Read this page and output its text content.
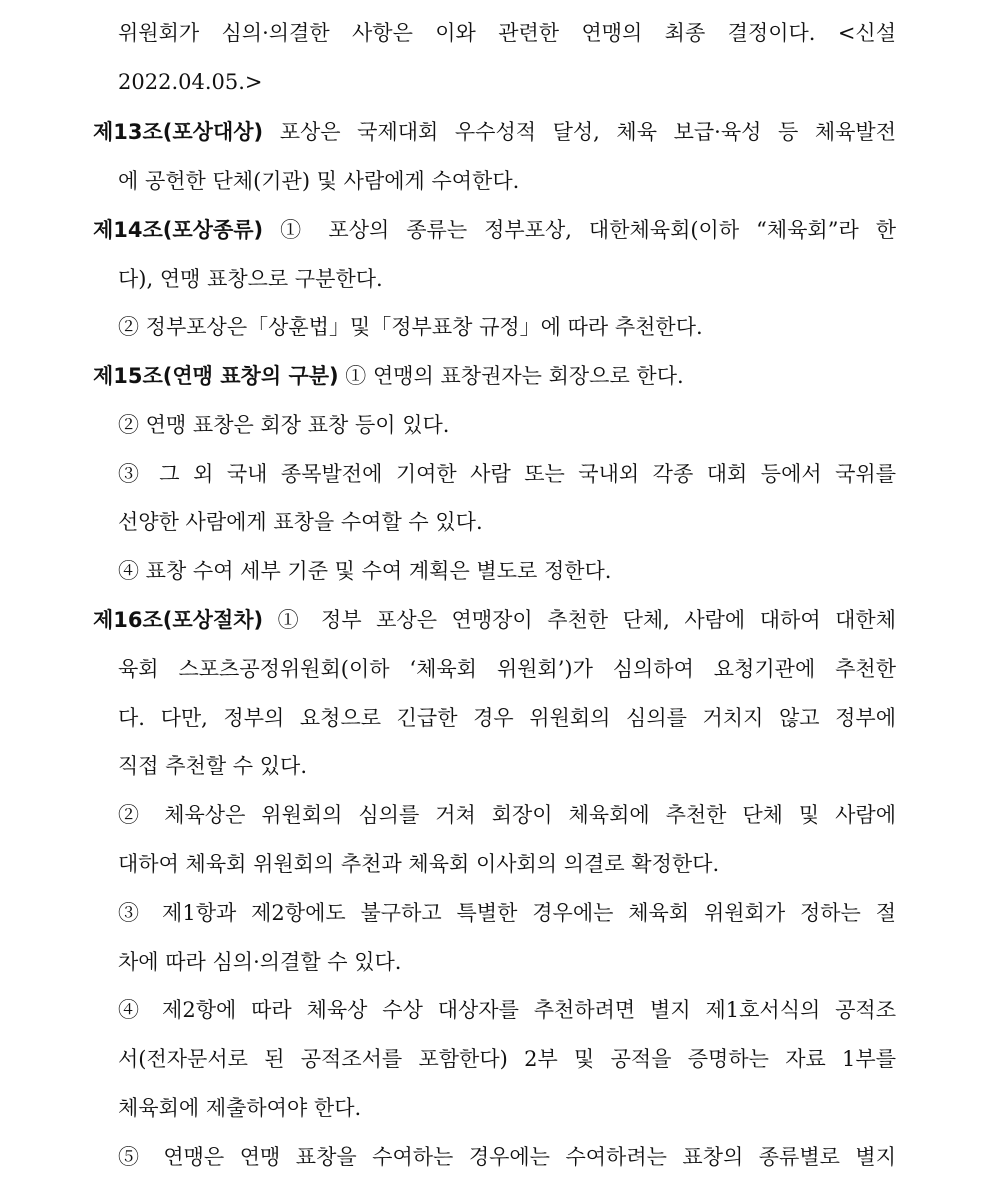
위원회가 심의·의결한 사항은 이와 관련한 연맹의 최종 결정이다. <신설
2022.04.05.>
제13조(포상대상) 포상은 국제대회 우수성적 달성, 체육 보급·육성 등 체육발전
에 공헌한 단체(기관) 및 사람에게 수여한다.
제14조(포상종류) ① 포상의 종류는 정부포상, 대한체육회(이하 “체육회”라 한
다), 연맹 표창으로 구분한다.
② 정부포상은「상훈법」및「정부표창 규정」에 따라 추천한다.
제15조(연맹 표창의 구분) ① 연맹의 표창권자는 회장으로 한다.
② 연맹 표창은 회장 표창 등이 있다.
③ 그 외 국내 종목발전에 기여한 사람 또는 국내외 각종 대회 등에서 국위를
선양한 사람에게 표창을 수여할 수 있다.
④ 표창 수여 세부 기준 및 수여 계획은 별도로 정한다.
제16조(포상절차) ① 정부 포상은 연맹장이 추천한 단체, 사람에 대하여 대한체
육회 스포츠공정위원회(이하 ‘체육회 위원회’)가 심의하여 요청기관에 추천한
다. 다만, 정부의 요청으로 긴급한 경우 위원회의 심의를 거치지 않고 정부에
직접 추천할 수 있다.
② 체육상은 위원회의 심의를 거쳐 회장이 체육회에 추천한 단체 및 사람에
대하여 체육회 위원회의 추천과 체육회 이사회의 의결로 확정한다.
③ 제1항과 제2항에도 불구하고 특별한 경우에는 체육회 위원회가 정하는 절
차에 따라 심의·의결할 수 있다.
④ 제2항에 따라 체육상 수상 대상자를 추천하려면 별지 제1호서식의 공적조
서(전자문서로 된 공적조서를 포함한다) 2부 및 공적을 증명하는 자료 1부를
체육회에 제출하여야 한다.
⑤ 연맹은 연맹 표창을 수여하는 경우에는 수여하려는 표창의 종류별로 별지
